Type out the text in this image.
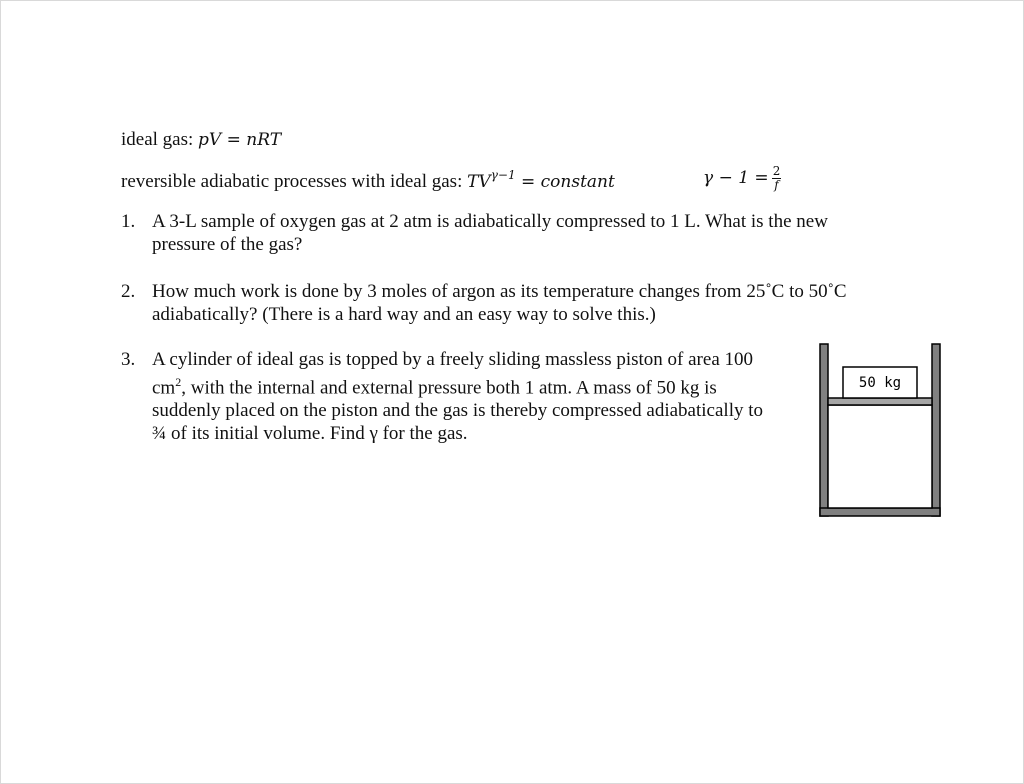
ideal gas: pV = nRT
reversible adiabatic processes with ideal gas: $TV^{\gamma-1}$ = constant	$\gamma - 1 = \frac{2}{f}$
1. A 3-L sample of oxygen gas at 2 atm is adiabatically compressed to 1 L. What is the new
pressure of the gas?
2. How much work is done by 3 moles of argon as its temperature changes from 25˚C to 50˚C
adiabatically? (There is a hard way and an easy way to solve this.)
3. A cylinder of ideal gas is topped by a freely sliding massless piston of area 100
$cm^2$, with the internal and external pressure both 1 atm. A mass of 50 kg is
suddenly placed on the piston and the gas is thereby compressed adiabatically to
¾ of its initial volume. Find γ for the gas.
50 kg
